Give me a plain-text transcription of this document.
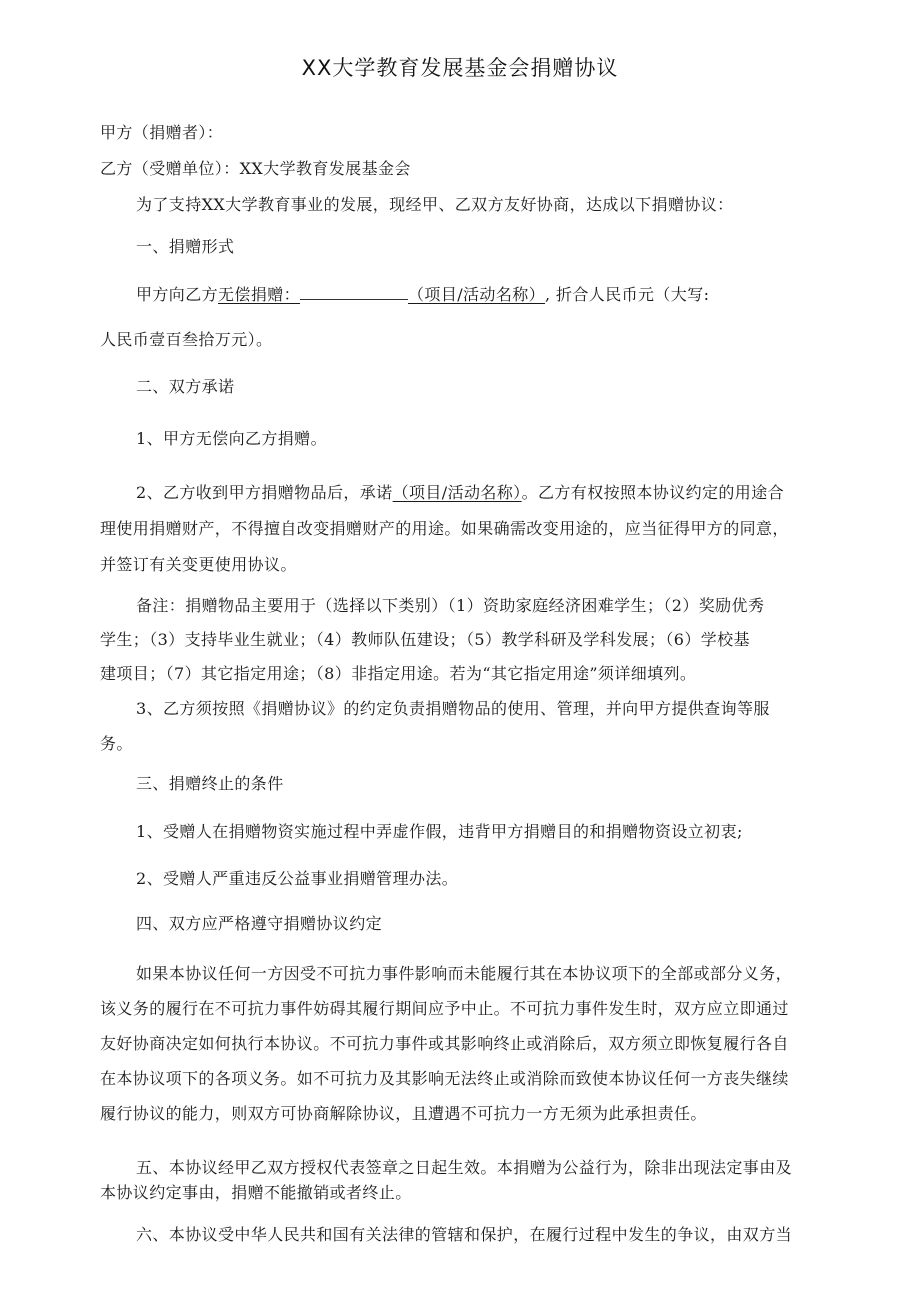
XX大学教育发展基金会捐赠协议
甲方（捐赠者）：
乙方（受赠单位）：XX大学教育发展基金会
为了支持XX大学教育事业的发展，现经甲、乙双方友好协商，达成以下捐赠协议：
一、捐赠形式
甲方向乙方无偿捐赠：	（项目/活动名称）, 折合人民币元（大写:
人民币壹百叁拾万元）。
二、双方承诺
1、甲方无偿向乙方捐赠。
2、乙方收到甲方捐赠物品后，承诺（项目/活动名称）。乙方有权按照本协议约定的用途合
理使用捐赠财产，不得擅自改变捐赠财产的用途。如果确需改变用途的，应当征得甲方的同意，
并签订有关变更使用协议。
备注：捐赠物品主要用于（选择以下类别）（1）资助家庭经济困难学生；（2）奖励优秀
学生；（3）支持毕业生就业；（4）教师队伍建设；（5）教学科研及学科发展；（6）学校基
建项目；（7）其它指定用途；（8）非指定用途。若为“其它指定用途”须详细填列。
3、乙方须按照《捐赠协议》的约定负责捐赠物品的使用、管理，并向甲方提供查询等服
务。
三、捐赠终止的条件
1、受赠人在捐赠物资实施过程中弄虚作假，违背甲方捐赠目的和捐赠物资设立初衷;
2、受赠人严重违反公益事业捐赠管理办法。
四、双方应严格遵守捐赠协议约定
如果本协议任何一方因受不可抗力事件影响而未能履行其在本协议项下的全部或部分义务，
该义务的履行在不可抗力事件妨碍其履行期间应予中止。不可抗力事件发生时，双方应立即通过
友好协商决定如何执行本协议。不可抗力事件或其影响终止或消除后，双方须立即恢复履行各自
在本协议项下的各项义务。如不可抗力及其影响无法终止或消除而致使本协议任何一方丧失继续
履行协议的能力，则双方可协商解除协议，且遭遇不可抗力一方无须为此承担责任。
五、本协议经甲乙双方授权代表签章之日起生效。本捐赠为公益行为，除非出现法定事由及
本协议约定事由，捐赠不能撤销或者终止。
六、本协议受中华人民共和国有关法律的管辖和保护，在履行过程中发生的争议，由双方当
